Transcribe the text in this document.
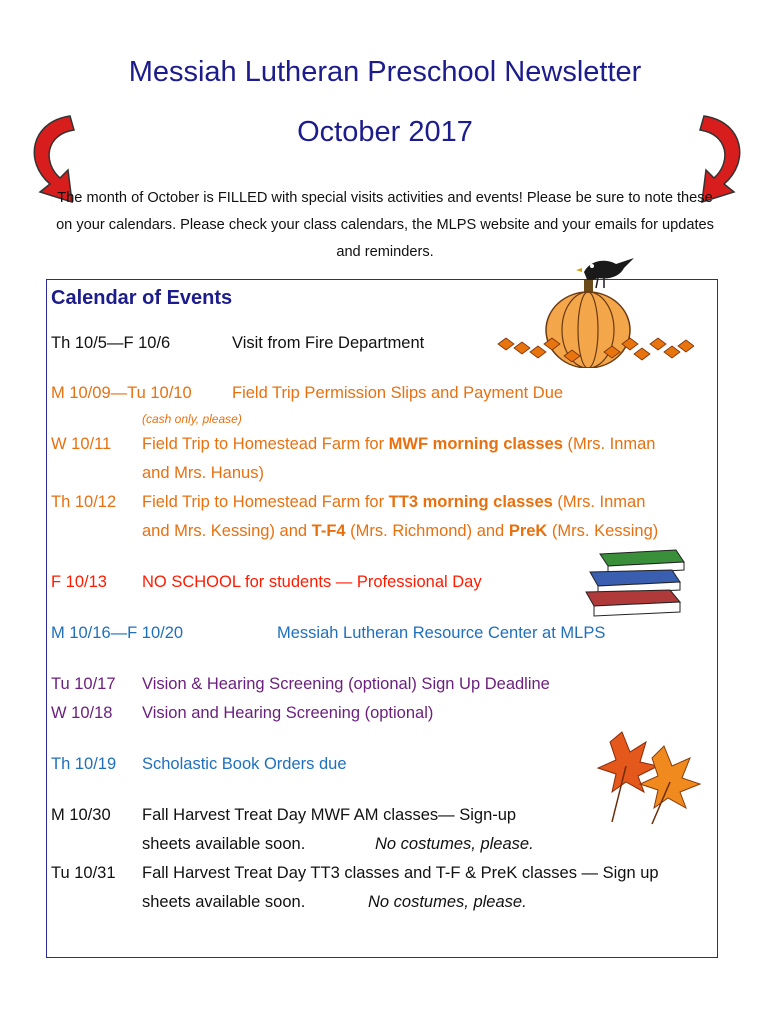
Messiah Lutheran Preschool Newsletter
October 2017
The month of October is FILLED with special visits activities and events! Please be sure to note these on your calendars. Please check your class calendars, the MLPS website and your emails for updates and reminders.
Calendar of Events
Th 10/5—F 10/6	Visit from Fire Department
M 10/09—Tu 10/10 Field Trip Permission Slips and Payment Due
(cash only, please)
W 10/11 Field Trip to Homestead Farm for MWF morning classes (Mrs. Inman
and Mrs. Hanus)
Th 10/12 Field Trip to Homestead Farm for TT3 morning classes (Mrs. Inman
and Mrs. Kessing) and T-F4 (Mrs. Richmond) and PreK (Mrs. Kessing)
F 10/13 NO SCHOOL for students — Professional Day
M 10/16—F 10/20	Messiah Lutheran Resource Center at MLPS
Tu 10/17 Vision & Hearing Screening (optional) Sign Up Deadline
W 10/18 Vision and Hearing Screening (optional)
Th 10/19 Scholastic Book Orders due
M 10/30 Fall Harvest Treat Day MWF AM classes— Sign-up
sheets available soon.	No costumes, please.
Tu 10/31 Fall Harvest Treat Day TT3 classes and T-F & PreK classes — Sign up
sheets available soon.	No costumes, please.
